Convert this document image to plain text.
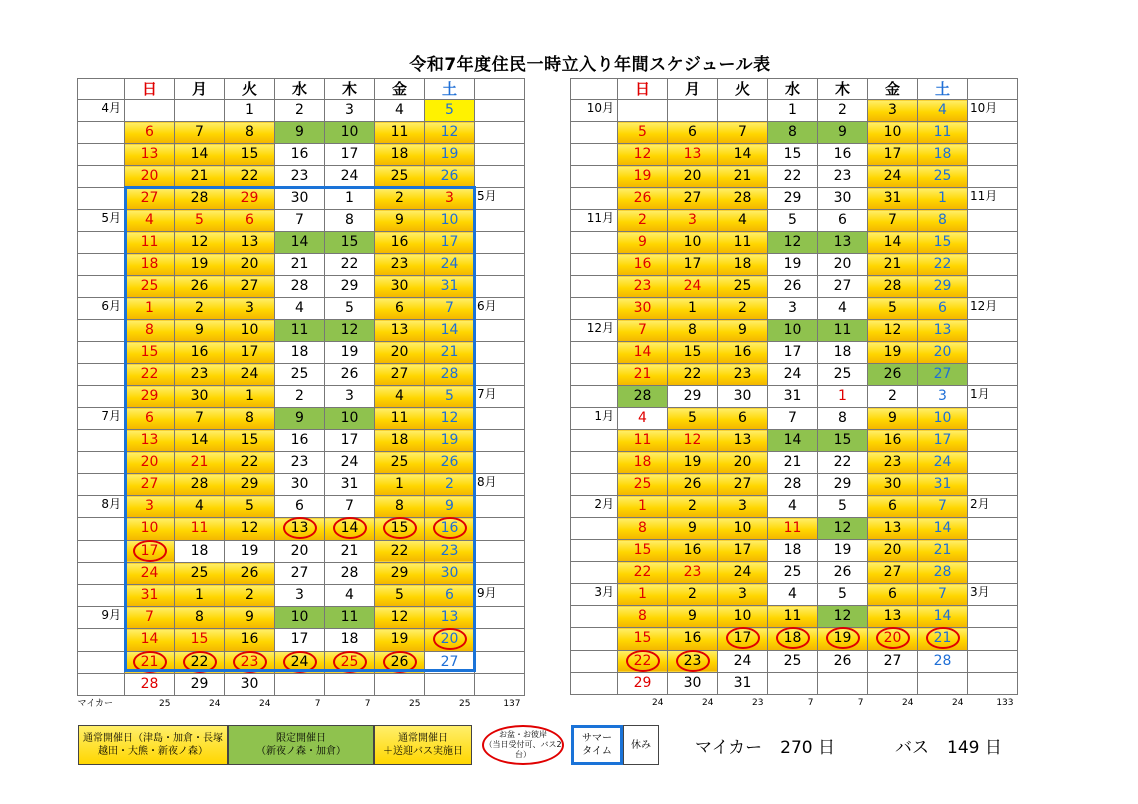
令和7年度住民一時立入り年間スケジュール表
	日	月	火	水	木	金	土	
4月			1	2	3	4	5	
	6	7	8	9	10	11	12	
	13	14	15	16	17	18	19	
	20	21	22	23	24	25	26	
	27	28	29	30	1	2	3	5月
5月	4	5	6	7	8	9	10	
	11	12	13	14	15	16	17	
	18	19	20	21	22	23	24	
	25	26	27	28	29	30	31	
6月	1	2	3	4	5	6	7	6月
	8	9	10	11	12	13	14	
	15	16	17	18	19	20	21	
	22	23	24	25	26	27	28	
	29	30	1	2	3	4	5	7月
7月	6	7	8	9	10	11	12	
	13	14	15	16	17	18	19	
	20	21	22	23	24	25	26	
	27	28	29	30	31	1	2	8月
8月	3	4	5	6	7	8	9	
	10	11	12	13	14	15	16	
	17	18	19	20	21	22	23	
	24	25	26	27	28	29	30	
	31	1	2	3	4	5	6	9月
9月	7	8	9	10	11	12	13	
	14	15	16	17	18	19	20	
	21	22	23	24	25	26	27	
	28	29	30					
マイカー	25	24	24	7	7	25	25	137
	日	月	火	水	木	金	土	
10月				1	2	3	4	10月
	5	6	7	8	9	10	11	
	12	13	14	15	16	17	18	
	19	20	21	22	23	24	25	
	26	27	28	29	30	31	1	11月
11月	2	3	4	5	6	7	8	
	9	10	11	12	13	14	15	
	16	17	18	19	20	21	22	
	23	24	25	26	27	28	29	
	30	1	2	3	4	5	6	12月
12月	7	8	9	10	11	12	13	
	14	15	16	17	18	19	20	
	21	22	23	24	25	26	27	
	28	29	30	31	1	2	3	1月
1月	4	5	6	7	8	9	10	
	11	12	13	14	15	16	17	
	18	19	20	21	22	23	24	
	25	26	27	28	29	30	31	
2月	1	2	3	4	5	6	7	2月
	8	9	10	11	12	13	14	
	15	16	17	18	19	20	21	
	22	23	24	25	26	27	28	
3月	1	2	3	4	5	6	7	3月
	8	9	10	11	12	13	14	
	15	16	17	18	19	20	21	
	22	23	24	25	26	27	28	
	29	30	31					
	24	24	23	7	7	24	24	133
通常開催日（津島・加倉・長塚越田・大熊・新夜ノ森）
限定開催日
（新夜ノ森・加倉）
通常開催日
＋送迎バス実施日
お盆・お彼岸
（当日受付可、バス2台）
サマー
タイム
休み	マイカー 270 日	バス 149 日
